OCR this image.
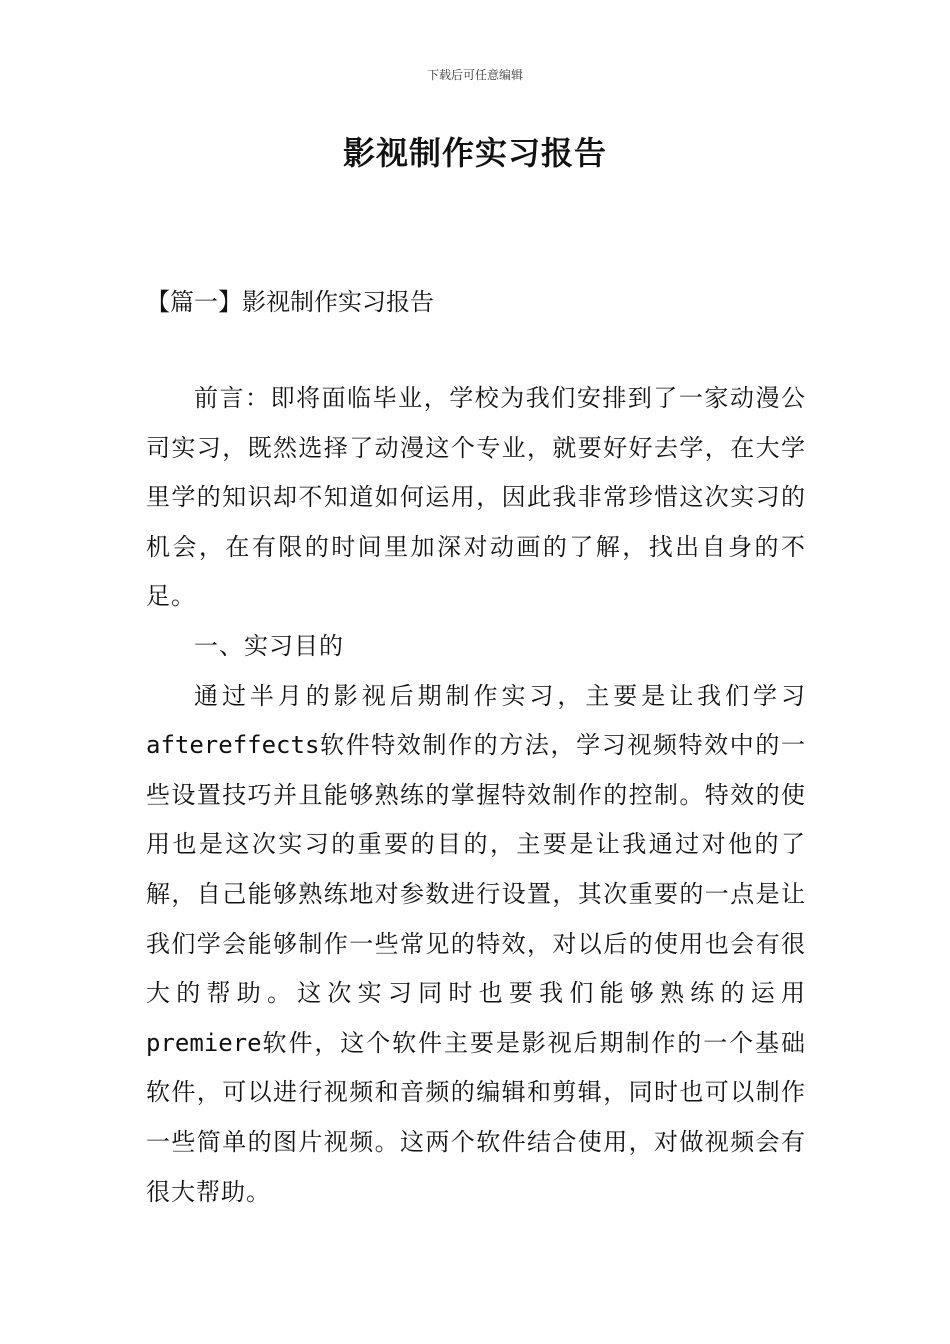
下载后可任意编辑
影视制作实习报告
【篇一】影视制作实习报告

前言：即将面临毕业，学校为我们安排到了一家动漫公司实习，既然选择了动漫这个专业，就要好好去学，在大学里学的知识却不知道如何运用，因此我非常珍惜这次实习的机会，在有限的时间里加深对动画的了解，找出自身的不足。

一、实习目的

通过半月的影视后期制作实习，主要是让我们学习aftereffects软件特效制作的方法，学习视频特效中的一些设置技巧并且能够熟练的掌握特效制作的控制。特效的使用也是这次实习的重要的目的，主要是让我通过对他的了解，自己能够熟练地对参数进行设置，其次重要的一点是让我们学会能够制作一些常见的特效，对以后的使用也会有很大的帮助。这次实习同时也要我们能够熟练的运用premiere软件，这个软件主要是影视后期制作的一个基础软件，可以进行视频和音频的编辑和剪辑，同时也可以制作一些简单的图片视频。这两个软件结合使用，对做视频会有很大帮助。
